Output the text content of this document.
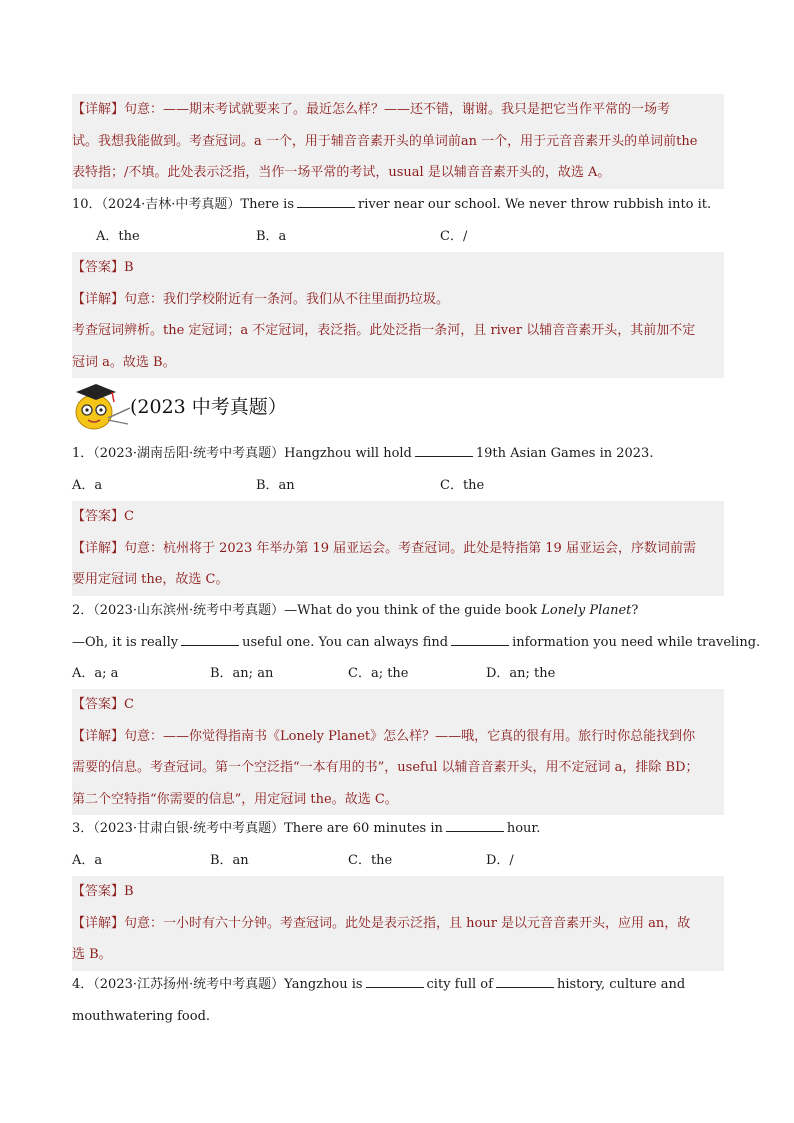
【详解】句意：——期末考试就要来了。最近怎么样？——还不错，谢谢。我只是把它当作平常的一场考
试。我想我能做到。考查冠词。a 一个，用于辅音音素开头的单词前an 一个，用于元音音素开头的单词前the
表特指；/不填。此处表示泛指，当作一场平常的考试，usual 是以辅音音素开头的，故选 A。
10．（2024·吉林·中考真题）There is	river near our school. We never throw rubbish into it.
A．the	B．a	C．/
【答案】B
【详解】句意：我们学校附近有一条河。我们从不往里面扔垃圾。
考查冠词辨析。the 定冠词；a 不定冠词，表泛指。此处泛指一条河，且 river 以辅音音素开头，其前加不定
冠词 a。故选 B。
(2023 中考真题）
1．（2023·湖南岳阳·统考中考真题）Hangzhou will hold	19th Asian Games in 2023.
A．a	B．an	C．the
【答案】C
【详解】句意：杭州将于 2023 年举办第 19 届亚运会。考查冠词。此处是特指第 19 届亚运会，序数词前需
要用定冠词 the，故选 C。
2．（2023·山东滨州·统考中考真题）—What do you think of the guide book Lonely Planet?
—Oh, it is really	useful one. You can always find	information you need while traveling.
A．a; a	B．an; an	C．a; the	D．an; the
【答案】C
【详解】句意：——你觉得指南书《Lonely Planet》怎么样？——哦，它真的很有用。旅行时你总能找到你
需要的信息。考查冠词。第一个空泛指“一本有用的书”，useful 以辅音音素开头，用不定冠词 a，排除 BD；
第二个空特指“你需要的信息”，用定冠词 the。故选 C。
3．（2023·甘肃白银·统考中考真题）There are 60 minutes in	hour.
A．a	B．an	C．the	D．/
【答案】B
【详解】句意：一小时有六十分钟。考查冠词。此处是表示泛指，且 hour 是以元音音素开头，应用 an，故
选 B。
4．（2023·江苏扬州·统考中考真题）Yangzhou is	city full of	history, culture and
mouthwatering food.
